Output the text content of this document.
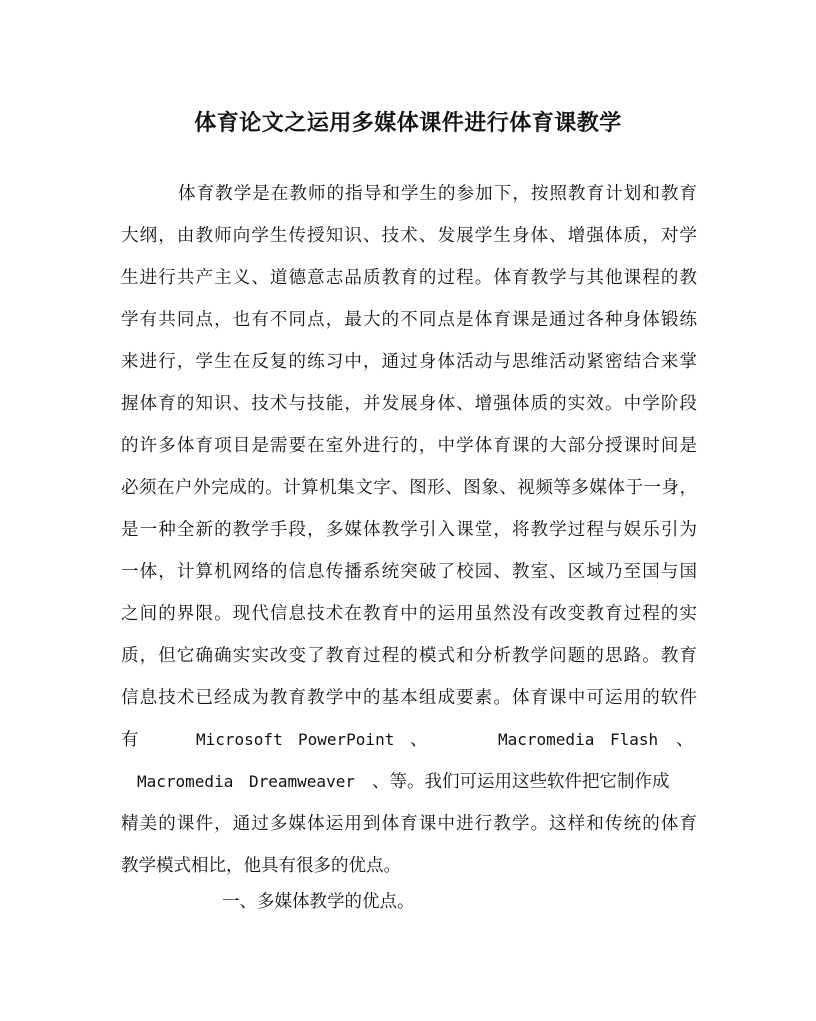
体育论文之运用多媒体课件进行体育课教学

体育教学是在教师的指导和学生的参加下，按照教育计划和教育

大纲，由教师向学生传授知识、技术、发展学生身体、增强体质，对学

生进行共产主义、道德意志品质教育的过程。体育教学与其他课程的教

学有共同点，也有不同点，最大的不同点是体育课是通过各种身体锻练

来进行，学生在反复的练习中，通过身体活动与思维活动紧密结合来掌

握体育的知识、技术与技能，并发展身体、增强体质的实效。中学阶段

的许多体育项目是需要在室外进行的，中学体育课的大部分授课时间是

必须在户外完成的。计算机集文字、图形、图象、视频等多媒体于一身，

是一种全新的教学手段，多媒体教学引入课堂，将教学过程与娱乐引为

一体，计算机网络的信息传播系统突破了校园、教室、区域乃至国与国

之间的界限。现代信息技术在教育中的运用虽然没有改变教育过程的实

质，但它确确实实改变了教育过程的模式和分析教学问题的思路。教育

信息技术已经成为教育教学中的基本组成要素。体育课中可运用的软件

有	Microsoft PowerPoint 、	Macromedia Flash 、
Macromedia Dreamweaver 、等。我们可运用这些软件把它制作成

精美的课件，通过多媒体运用到体育课中进行教学。这样和传统的体育

教学模式相比，他具有很多的优点。

一、多媒体教学的优点。
